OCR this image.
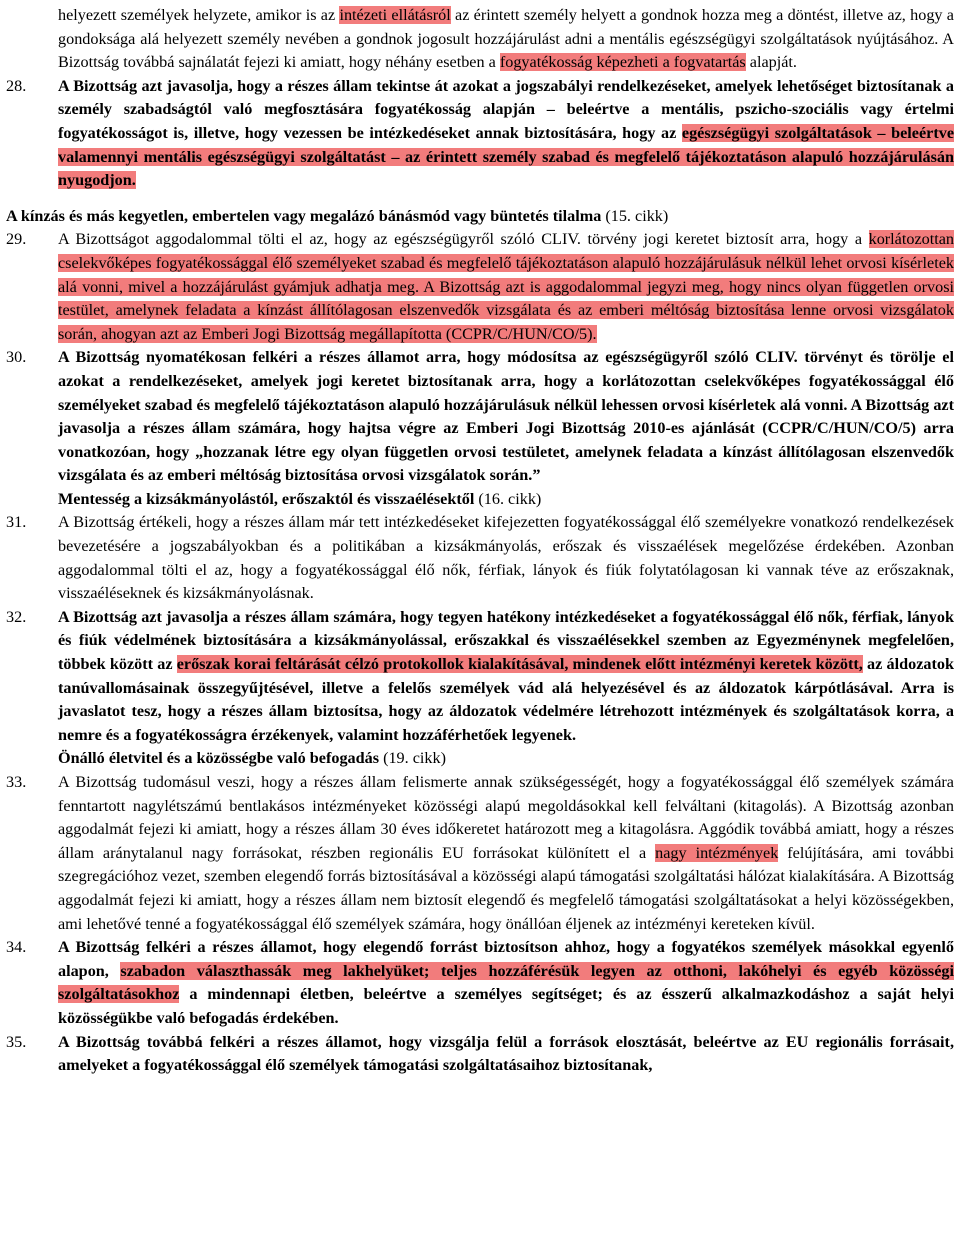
helyezett személyek helyzete, amikor is az intézeti ellátásról az érintett személy helyett a gondnok hozza meg a döntést, illetve az, hogy a gondoksága alá helyezett személy nevében a gondnok jogosult hozzájárulást adni a mentális egészségügyi szolgáltatások nyújtásához. A Bizottság továbbá sajnálatát fejezi ki amiatt, hogy néhány esetben a fogyatékosság képezheti a fogvatartás alapját.

28. A Bizottság azt javasolja, hogy a részes állam tekintse át azokat a jogszabályi rendelkezéseket, amelyek lehetőséget biztosítanak a személy szabadságtól való megfosztására fogyatékosság alapján – beleértve a mentális, pszicho-szociális vagy értelmi fogyatékosságot is, illetve, hogy vezessen be intézkedéseket annak biztosítására, hogy az egészségügyi szolgáltatások – beleértve valamennyi mentális egészségügyi szolgáltatást – az érintett személy szabad és megfelelő tájékoztatáson alapuló hozzájárulásán nyugodjon.

A kínzás és más kegyetlen, embertelen vagy megalázó bánásmód vagy büntetés tilalma (15. cikk)

29. A Bizottságot aggodalommal tölti el az, hogy az egészségügyről szóló CLIV. törvény jogi keretet biztosít arra, hogy a korlátozottan cselekvőképes fogyatékossággal élő személyeket szabad és megfelelő tájékoztatáson alapuló hozzájárulásuk nélkül lehet orvosi kísérletek alá vonni, mivel a hozzájárulást gyámjuk adhatja meg. A Bizottság azt is aggodalommal jegyzi meg, hogy nincs olyan független orvosi testület, amelynek feladata a kínzást állítólagosan elszenvedők vizsgálata és az emberi méltóság biztosítása lenne orvosi vizsgálatok során, ahogyan azt az Emberi Jogi Bizottság megállapította (CCPR/C/HUN/CO/5).

30. A Bizottság nyomatékosan felkéri a részes államot arra, hogy módosítsa az egészségügyről szóló CLIV. törvényt és törölje el azokat a rendelkezéseket, amelyek jogi keretet biztosítanak arra, hogy a korlátozottan cselekvőképes fogyatékossággal élő személyeket szabad és megfelelő tájékoztatáson alapuló hozzájárulásuk nélkül lehessen orvosi kísérletek alá vonni. A Bizottság azt javasolja a részes állam számára, hogy hajtsa végre az Emberi Jogi Bizottság 2010-es ajánlását (CCPR/C/HUN/CO/5) arra vonatkozóan, hogy „hozzanak létre egy olyan független orvosi testületet, amelynek feladata a kínzást állítólagosan elszenvedők vizsgálata és az emberi méltóság biztosítása orvosi vizsgálatok során.”

Mentesség a kizsákmányolástól, erőszaktól és visszaélésektől (16. cikk)

31. A Bizottság értékeli, hogy a részes állam már tett intézkedéseket kifejezetten fogyatékossággal élő személyekre vonatkozó rendelkezések bevezetésére a jogszabályokban és a politikában a kizsákmányolás, erőszak és visszaélések megelőzése érdekében. Azonban aggodalommal tölti el az, hogy a fogyatékossággal élő nők, férfiak, lányok és fiúk folytatólagosan ki vannak téve az erőszaknak, visszaéléseknek és kizsákmányolásnak.

32. A Bizottság azt javasolja a részes állam számára, hogy tegyen hatékony intézkedéseket a fogyatékossággal élő nők, férfiak, lányok és fiúk védelmének biztosítására a kizsákmányolással, erőszakkal és visszaélésekkel szemben az Egyezménynek megfelelően, többek között az erőszak korai feltárását célzó protokollok kialakításával, mindenek előtt intézményi keretek között, az áldozatok tanúvallomásainak összegyűjtésével, illetve a felelős személyek vád alá helyezésével és az áldozatok kárpótlásával. Arra is javaslatot tesz, hogy a részes állam biztosítsa, hogy az áldozatok védelmére létrehozott intézmények és szolgáltatások korra, a nemre és a fogyatékosságra érzékenyek, valamint hozzáférhetőek legyenek.

Önálló életvitel és a közösségbe való befogadás (19. cikk)

33. A Bizottság tudomásul veszi, hogy a részes állam felismerte annak szükségességét, hogy a fogyatékossággal élő személyek számára fenntartott nagylétszámú bentlakásos intézményeket közösségi alapú megoldásokkal kell felváltani (kitagolás). A Bizottság azonban aggodalmát fejezi ki amiatt, hogy a részes állam 30 éves időkeretet határozott meg a kitagolásra. Aggódik továbbá amiatt, hogy a részes állam aránytalanul nagy forrásokat, részben regionális EU forrásokat különített el a nagy intézmények felújítására, ami további szegregációhoz vezet, szemben elegendő forrás biztosításával a közösségi alapú támogatási szolgáltatási hálózat kialakítására. A Bizottság aggodalmát fejezi ki amiatt, hogy a részes állam nem biztosít elegendő és megfelelő támogatási szolgáltatásokat a helyi közösségekben, ami lehetővé tenné a fogyatékossággal élő személyek számára, hogy önállóan éljenek az intézményi kereteken kívül.

34. A Bizottság felkéri a részes államot, hogy elegendő forrást biztosítson ahhoz, hogy a fogyatékos személyek másokkal egyenlő alapon, szabadon választhassák meg lakhelyüket; teljes hozzáférésük legyen az otthoni, lakóhelyi és egyéb közösségi szolgáltatásokhoz a mindennapi életben, beleértve a személyes segítséget; és az ésszerű alkalmazkodáshoz a saját helyi közösségükbe való befogadás érdekében.

35. A Bizottság továbbá felkéri a részes államot, hogy vizsgálja felül a források elosztását, beleértve az EU regionális forrásait, amelyeket a fogyatékossággal élő személyek támogatási szolgáltatásaihoz biztosítanak,
